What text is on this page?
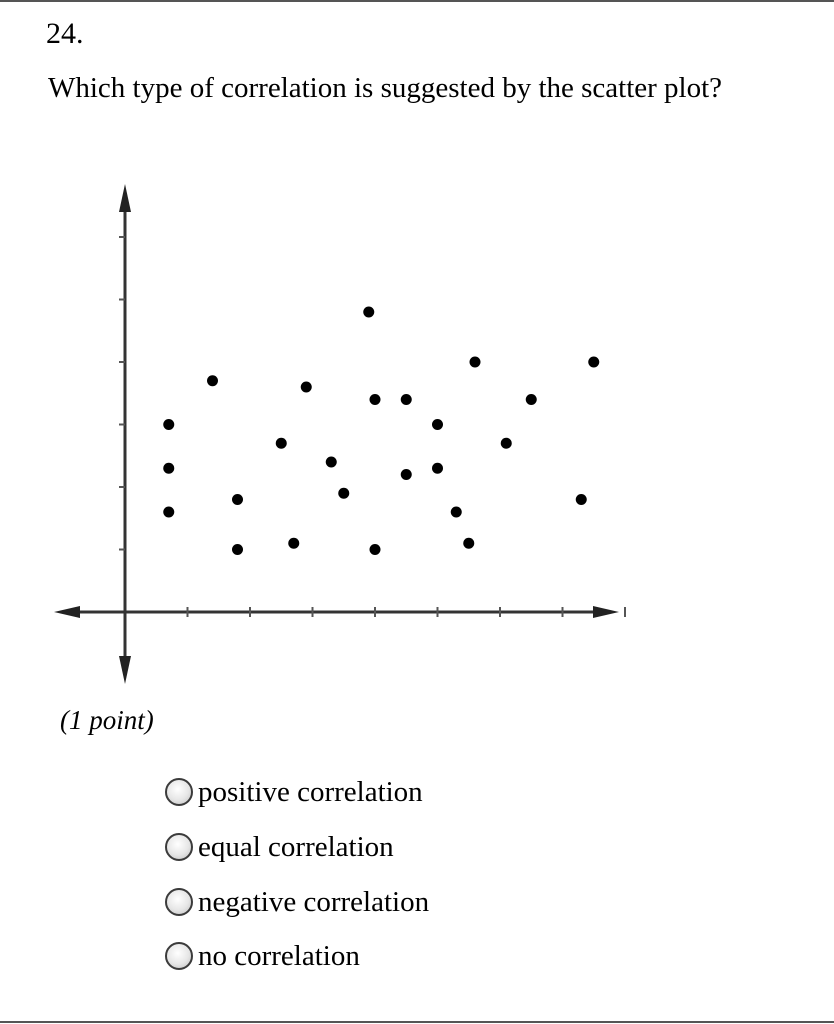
24.
Which type of correlation is suggested by the scatter plot?
(1 point)
positive correlation
equal correlation
negative correlation
no correlation
